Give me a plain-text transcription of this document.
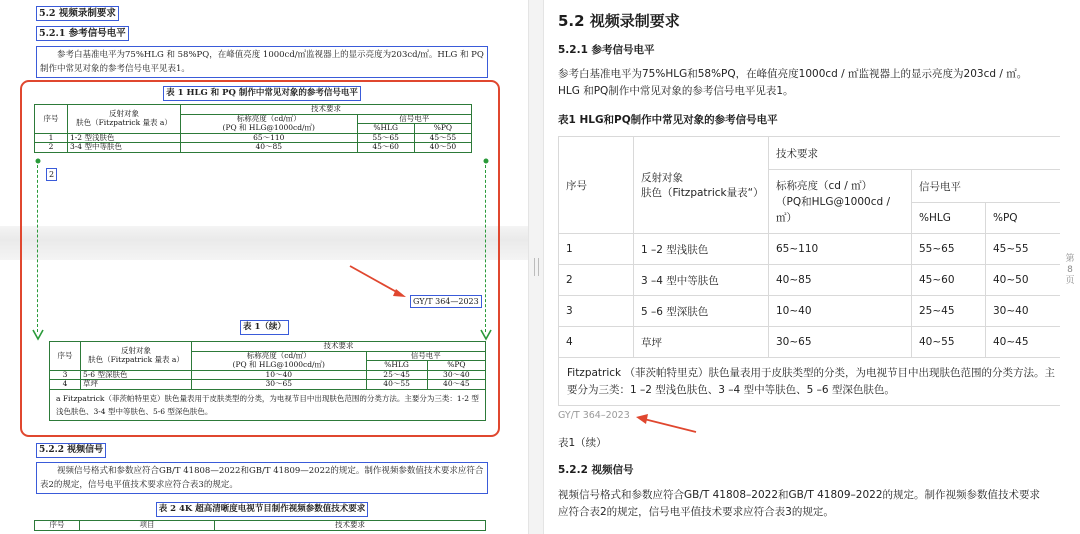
5.2 视频录制要求
5.2.1 参考信号电平
参考白基准电平为75%HLG 和 58%PQ，在峰值亮度 1000cd/㎡监视器上的显示亮度为203cd/㎡。HLG 和 PQ 制作中常见对象的参考信号电平见表1。
表 1 HLG 和 PQ 制作中常见对象的参考信号电平
序号	反射对象
肤色（Fitzpatrick 量表 a）	技术要求		

		标称亮度（cd/㎡）
(PQ 和 HLG@1000cd/㎡)	信号电平	
			%HLG	%PQ
1	1-2 型浅肤色	65～110	55～65	45～55
2	3-4 型中等肤色	40～85	45～60	40～50
2
GY/T 364—2023
表 1（续）
序号	反射对象
肤色（Fitzpatrick 量表 a）	技术要求		

		标称亮度（cd/㎡）
(PQ 和 HLG@1000cd/㎡)	信号电平	
			%HLG	%PQ
3	5-6 型深肤色	10～40	25～45	30～40
4	草坪	30～65	40～55	40～45
a Fitzpatrick（菲茨帕特里克）肤色量表用于皮肤类型的分类，为电视节目中出现肤色范围的分类方法。主要分为三类：1-2 型浅色肤色、3-4 型中等肤色、5-6 型深色肤色。				
5.2.2 视频信号
视频信号格式和参数应符合GB/T 41808—2022和GB/T 41809—2022的规定。制作视频参数值技术要求应符合表2的规定，信号电平值技术要求应符合表3的规定。
表 2 4K 超高清晰度电视节目制作视频参数值技术要求
序号	项目	技术要求
5.2 视频录制要求
5.2.1 参考信号电平

参考白基准电平为75%HLG和58%PQ，在峰值亮度1000cd / ㎡监视器上的显示亮度为203cd / ㎡。HLG 和PQ制作中常见对象的参考信号电平见表1。

表1 HLG和PQ制作中常见对象的参考信号电平
序号	反射对象
肤色（Fitzpatrick量表“）	技术要求		

		标称亮度（cd / ㎡）
（PQ和HLG@1000cd /
㎡）	信号电平	
			%HLG	%PQ
1	1 –2 型浅肤色	65~110	55~65	45~55
2	3 –4 型中等肤色	40~85	45~60	40~50
3	5 –6 型深肤色	10~40	25~45	30~40
4	草坪	30~65	40~55	40~45
Fitzpatrick （菲茨帕特里克）肤色量表用于皮肤类型的分类，为电视节目中出现肤色范围的分类方法。主要分为三类：1 –2 型浅色肤色、3 –4 型中等肤色、5 –6 型深色肤色。				
GY/T 364–2023
表1（续）
5.2.2 视频信号

视频信号格式和参数应符合GB/T 41808–2022和GB/T 41809–2022的规定。制作视频参数值技术要求应符合表2的规定，信号电平值技术要求应符合表3的规定。

第
8
页
